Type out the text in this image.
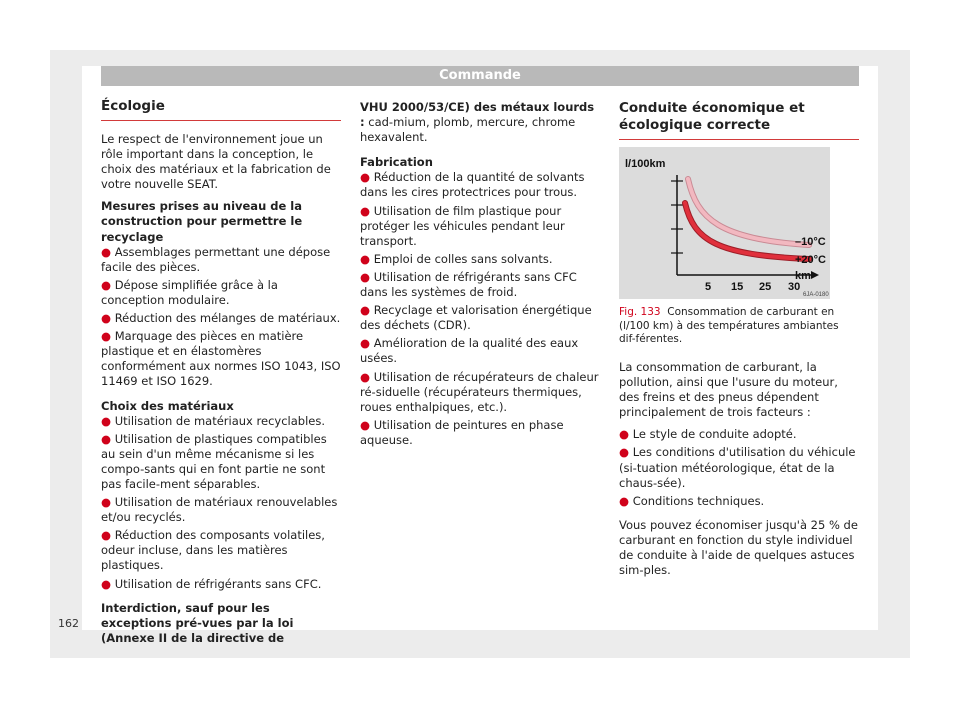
Commande
Écologie

Le respect de l'environnement joue un rôle important dans la conception, le choix des matériaux et la fabrication de votre nouvelle SEAT.

Mesures prises au niveau de la construction pour permettre le recyclage

● Assemblages permettant une dépose facile des pièces.
● Dépose simplifiée grâce à la conception modulaire.
● Réduction des mélanges de matériaux.
● Marquage des pièces en matière plastique et en élastomères conformément aux normes ISO 1043, ISO 11469 et ISO 1629.

Choix des matériaux

● Utilisation de matériaux recyclables.
● Utilisation de plastiques compatibles au sein d'un même mécanisme si les compo-sants qui en font partie ne sont pas facile-ment séparables.
● Utilisation de matériaux renouvelables et/ou recyclés.
● Réduction des composants volatiles, odeur incluse, dans les matières plastiques.
● Utilisation de réfrigérants sans CFC.

Interdiction, sauf pour les exceptions pré-vues par la loi (Annexe II de la directive de

VHU 2000/53/CE) des métaux lourds : cad-mium, plomb, mercure, chrome hexavalent.

Fabrication

● Réduction de la quantité de solvants dans les cires protectrices pour trous.
● Utilisation de film plastique pour protéger les véhicules pendant leur transport.
● Emploi de colles sans solvants.
● Utilisation de réfrigérants sans CFC dans les systèmes de froid.
● Recyclage et valorisation énergétique des déchets (CDR).
● Amélioration de la qualité des eaux usées.
● Utilisation de récupérateurs de chaleur ré-siduelle (récupérateurs thermiques, roues enthalpiques, etc.).
● Utilisation de peintures en phase aqueuse.
Conduite économique et écologique correcte
l/100km
–10°C
+20°C
km
5 15 25 30
6JA-0180
Fig. 133 Consommation de carburant en (l/100 km) à des températures ambiantes dif-férentes.

La consommation de carburant, la pollution, ainsi que l'usure du moteur, des freins et des pneus dépendent principalement de trois facteurs :

● Le style de conduite adopté.
● Les conditions d'utilisation du véhicule (si-tuation météorologique, état de la chaus-sée).
● Conditions techniques.

Vous pouvez économiser jusqu'à 25 % de carburant en fonction du style individuel de conduite à l'aide de quelques astuces sim-ples.

162
